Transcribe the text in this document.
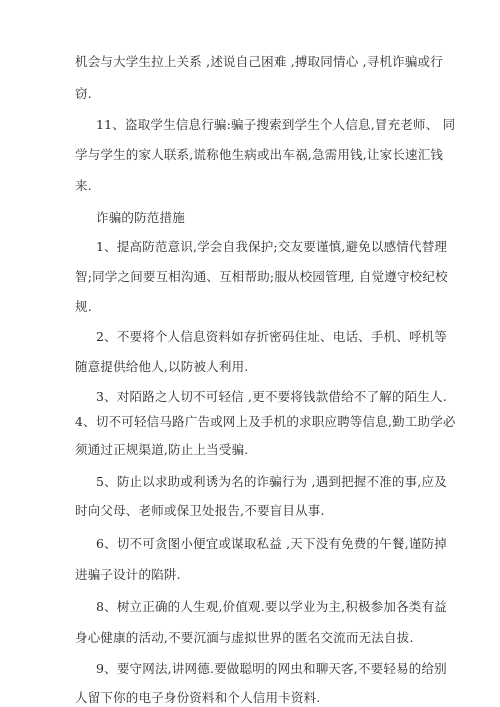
机会与大学生拉上关系 ,述说自己困难 ,搏取同情心 ,寻机诈骗或行
窃.
11、盗取学生信息行骗:骗子搜索到学生个人信息,冒充老师、 同
学与学生的家人联系,谎称他生病或出车祸,急需用钱,让家长速汇钱
来.
诈骗的防范措施
1、提高防范意识,学会自我保护;交友要谨慎,避免以感情代替理
智;同学之间要互相沟通、互相帮助;服从校园管理, 自觉遵守校纪校
规.
2、不要将个人信息资料如存折密码住址、电话、手机、呼机等
随意提供给他人,以防被人利用.
3、对陌路之人切不可轻信 ,更不要将钱款借给不了解的陌生人.
4、切不可轻信马路广告或网上及手机的求职应聘等信息,勤工助学必
须通过正规渠道,防止上当受骗.
5、防止以求助或利诱为名的诈骗行为 ,遇到把握不准的事,应及
时向父母、老师或保卫处报告,不要盲目从事.
6、切不可贪图小便宜或谋取私益 ,天下没有免费的午餐,谨防掉
进骗子设计的陷阱.
8、树立正确的人生观,价值观.要以学业为主,积极参加各类有益
身心健康的活动,不要沉湎与虚拟世界的匿名交流而无法自拔.
9、要守网法,讲网德.要做聪明的网虫和聊天客,不要轻易的给别
人留下你的电子身份资料和个人信用卡资料.
